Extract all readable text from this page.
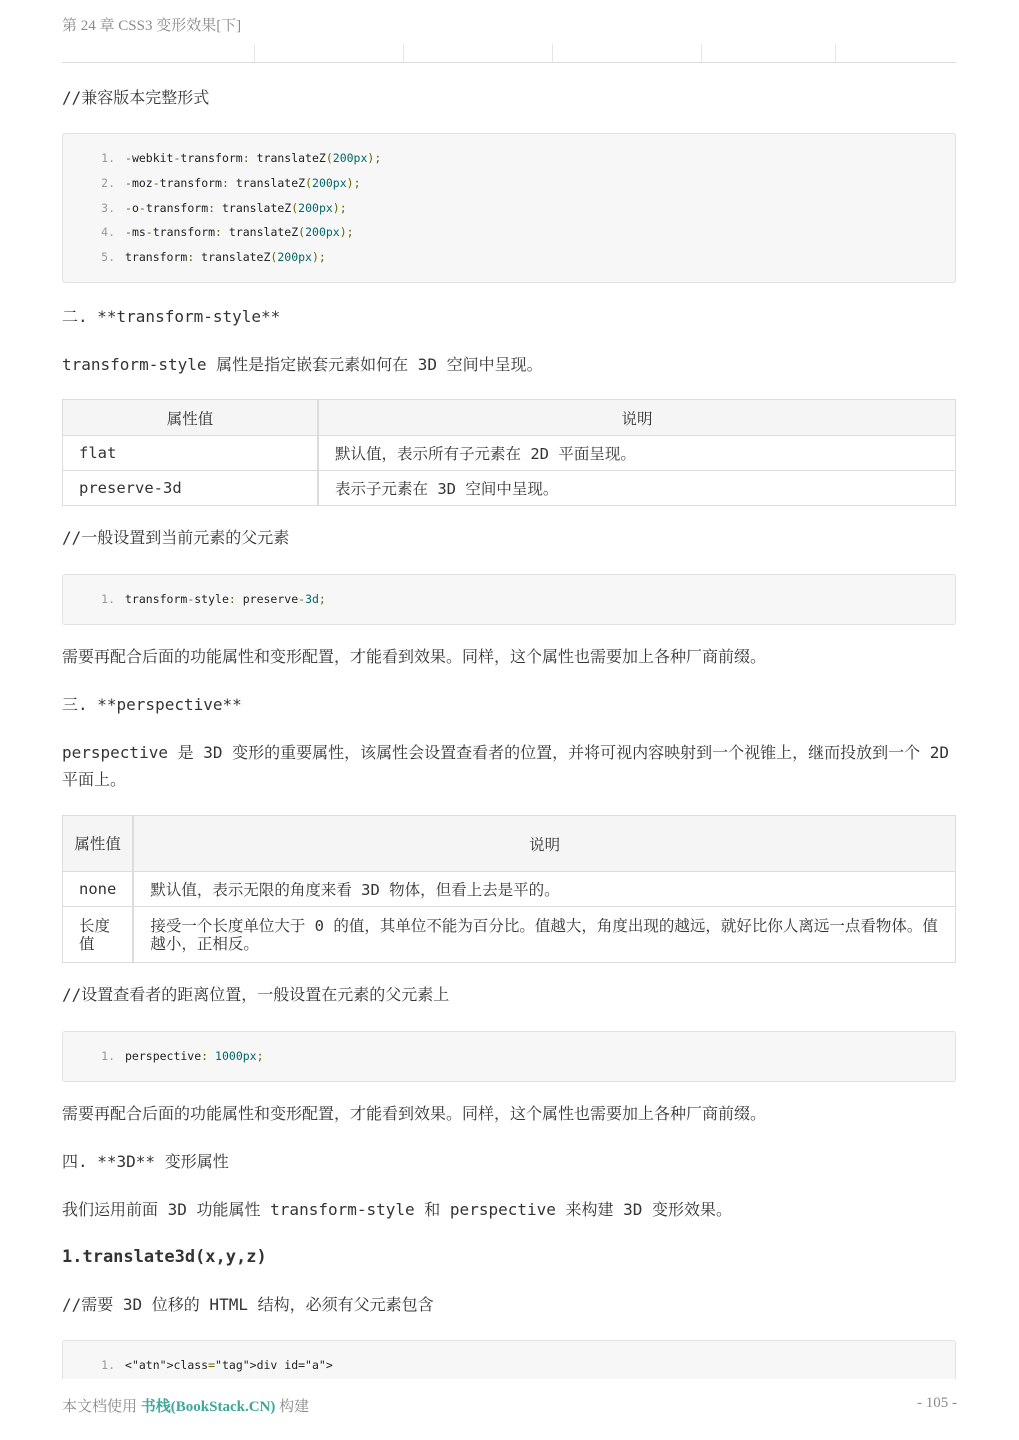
第 24 章 CSS3 变形效果[下]

//兼容版本完整形式

1. -webkit-transform: translateZ(200px);
2. -moz-transform: translateZ(200px);
3. -o-transform: translateZ(200px);
4. -ms-transform: translateZ(200px);
5. transform: translateZ(200px);

二. **transform-style**

transform-style 属性是指定嵌套元素如何在 3D 空间中呈现。

属性值	说明
flat	默认值，表示所有子元素在 2D 平面呈现。
preserve-3d	表示子元素在 3D 空间中呈现。

//一般设置到当前元素的父元素

1. transform-style: preserve-3d;

需要再配合后面的功能属性和变形配置，才能看到效果。同样，这个属性也需要加上各种厂商前缀。

三. **perspective**

perspective 是 3D 变形的重要属性，该属性会设置查看者的位置，并将可视内容映射到一个视锥上，继而投放到一个 2D 平面上。

属性值	说明
none	默认值，表示无限的角度来看 3D 物体，但看上去是平的。
长度值	接受一个长度单位大于 0 的值，其单位不能为百分比。值越大，角度出现的越远，就好比你人离远一点看物体。值越小，正相反。

//设置查看者的距离位置，一般设置在元素的父元素上

1. perspective: 1000px;

需要再配合后面的功能属性和变形配置，才能看到效果。同样，这个属性也需要加上各种厂商前缀。

四. **3D** 变形属性

我们运用前面 3D 功能属性 transform-style 和 perspective 来构建 3D 变形效果。

1.translate3d(x,y,z)

//需要 3D 位移的 HTML 结构，必须有父元素包含

1. <"atn">class="tag">div id="a">
本文档使用 书栈(BookStack.CN) 构建	- 105 -
